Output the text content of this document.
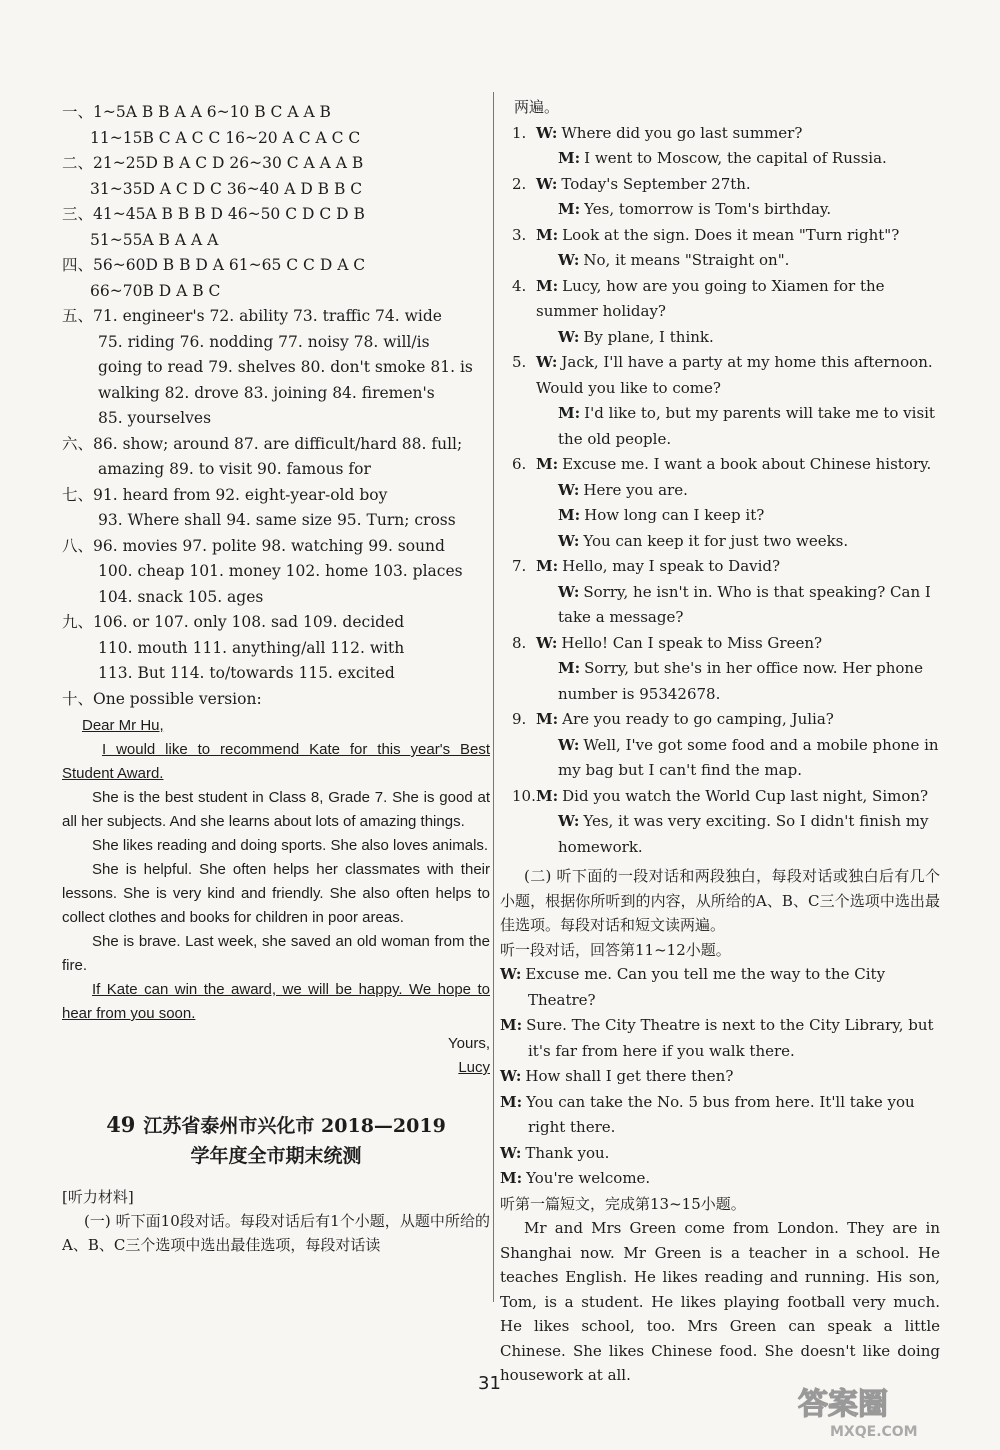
一、1~5A B B A A 6~10 B C A A B
11~15B C A C C 16~20 A C A C C
二、21~25D B A C D 26~30 C A A A B
31~35D A C D C 36~40 A D B B C
三、41~45A B B B D 46~50 C D C D B
51~55A B A A A
四、56~60D B B D A 61~65 C C D A C
66~70B D A B C
五、71. engineer's 72. ability 73. traffic 74. wide
75. riding 76. nodding 77. noisy 78. will/is
going to read 79. shelves 80. don't smoke 81. is
walking 82. drove 83. joining 84. firemen's
85. yourselves
六、86. show; around 87. are difficult/hard 88. full;
amazing 89. to visit 90. famous for
七、91. heard from 92. eight-year-old boy
93. Where shall 94. same size 95. Turn; cross
八、96. movies 97. polite 98. watching 99. sound
100. cheap 101. money 102. home 103. places
104. snack 105. ages
九、106. or 107. only 108. sad 109. decided
110. mouth 111. anything/all 112. with
113. But 114. to/towards 115. excited
十、One possible version:

Dear Mr Hu,

I would like to recommend Kate for this year's Best Student Award.

She is the best student in Class 8, Grade 7. She is good at all her subjects. And she learns about lots of amazing things.

She likes reading and doing sports. She also loves animals.

She is helpful. She often helps her classmates with their lessons. She is very kind and friendly. She also often helps to collect clothes and books for children in poor areas.

She is brave. Last week, she saved an old woman from the fire.

If Kate can win the award, we will be happy. We hope to hear from you soon.

Yours,

Lucy

49 江苏省泰州市兴化市 2018—2019
学年度全市期末统测
[听力材料]

(一) 听下面10段对话。每段对话后有1个小题，从题中所给的A、B、C三个选项中选出最佳选项，每段对话读

两遍。
1. W: Where did you go last summer?
M: I went to Moscow, the capital of Russia.
2. W: Today's September 27th.
M: Yes, tomorrow is Tom's birthday.
3. M: Look at the sign. Does it mean "Turn right"?
W: No, it means "Straight on".
4. M: Lucy, how are you going to Xiamen for the summer holiday?
W: By plane, I think.
5. W: Jack, I'll have a party at my home this afternoon. Would you like to come?
M: I'd like to, but my parents will take me to visit the old people.
6. M: Excuse me. I want a book about Chinese history.
W: Here you are.
M: How long can I keep it?
W: You can keep it for just two weeks.
7. M: Hello, may I speak to David?
W: Sorry, he isn't in. Who is that speaking? Can I take a message?
8. W: Hello! Can I speak to Miss Green?
M: Sorry, but she's in her office now. Her phone number is 95342678.
9. M: Are you ready to go camping, Julia?
W: Well, I've got some food and a mobile phone in my bag but I can't find the map.
10. M: Did you watch the World Cup last night, Simon?
W: Yes, it was very exciting. So I didn't finish my homework.

(二) 听下面的一段对话和两段独白，每段对话或独白后有几个小题，根据你所听到的内容，从所给的A、B、C三个选项中选出最佳选项。每段对话和短文读两遍。

听一段对话，回答第11~12小题。

W: Excuse me. Can you tell me the way to the City Theatre?
M: Sure. The City Theatre is next to the City Library, but it's far from here if you walk there.
W: How shall I get there then?
M: You can take the No. 5 bus from here. It'll take you right there.
W: Thank you.
M: You're welcome.

听第一篇短文，完成第13~15小题。

Mr and Mrs Green come from London. They are in Shanghai now. Mr Green is a teacher in a school. He teaches English. He likes reading and running. His son, Tom, is a student. He likes playing football very much. He likes school, too. Mrs Green can speak a little Chinese. She likes Chinese food. She doesn't like doing housework at all.

31
答案圈
MXQE.COM
